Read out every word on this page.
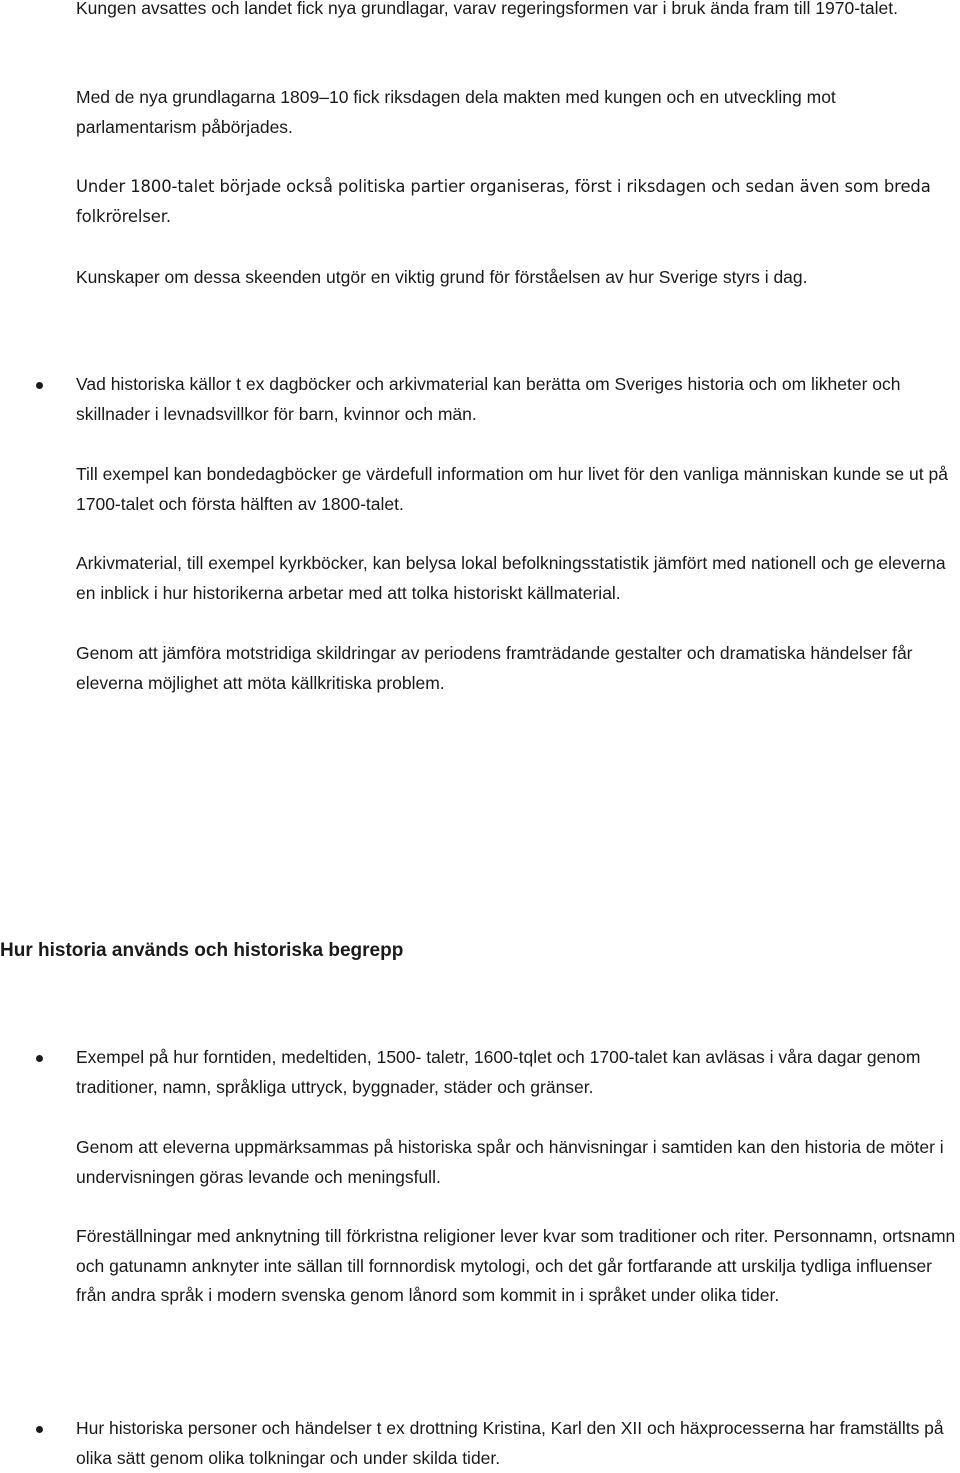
Kungen avsattes och landet fick nya grundlagar, varav regeringsformen var i bruk ända fram till 1970-talet.

Med de nya grundlagarna 1809–10 fick riksdagen dela makten med kungen och en utveckling mot parlamentarism påbörjades.

Under 1800-talet började också politiska partier organiseras, först i riksdagen och sedan även som breda folkrörelser.

Kunskaper om dessa skeenden utgör en viktig grund för förståelsen av hur Sverige styrs i dag.

Vad historiska källor t ex dagböcker och arkivmaterial kan berätta om Sveriges historia och om likheter och skillnader i levnadsvillkor för barn, kvinnor och män.

Till exempel kan bondedagböcker ge värdefull information om hur livet för den vanliga människan kunde se ut på 1700-talet och första hälften av 1800-talet.

Arkivmaterial, till exempel kyrkböcker, kan belysa lokal befolkningsstatistik jämfört med nationell och ge eleverna en inblick i hur historikerna arbetar med att tolka historiskt källmaterial.

Genom att jämföra motstridiga skildringar av periodens framträdande gestalter och dramatiska händelser får eleverna möjlighet att möta källkritiska problem.

Hur historia används och historiska begrepp

Exempel på hur forntiden, medeltiden, 1500- taletr, 1600-tqlet och 1700-talet kan avläsas i våra dagar genom traditioner, namn, språkliga uttryck, byggnader, städer och gränser.

Genom att eleverna uppmärksammas på historiska spår och hänvisningar i samtiden kan den historia de möter i undervisningen göras levande och meningsfull.

Föreställningar med anknytning till förkristna religioner lever kvar som traditioner och riter. Personnamn, ortsnamn och gatunamn anknyter inte sällan till fornnordisk mytologi, och det går fortfarande att urskilja tydliga influenser från andra språk i modern svenska genom lånord som kommit in i språket under olika tider.

Hur historiska personer och händelser t ex drottning Kristina, Karl den XII och häxprocesserna har framställts på olika sätt genom olika tolkningar och under skilda tider.
